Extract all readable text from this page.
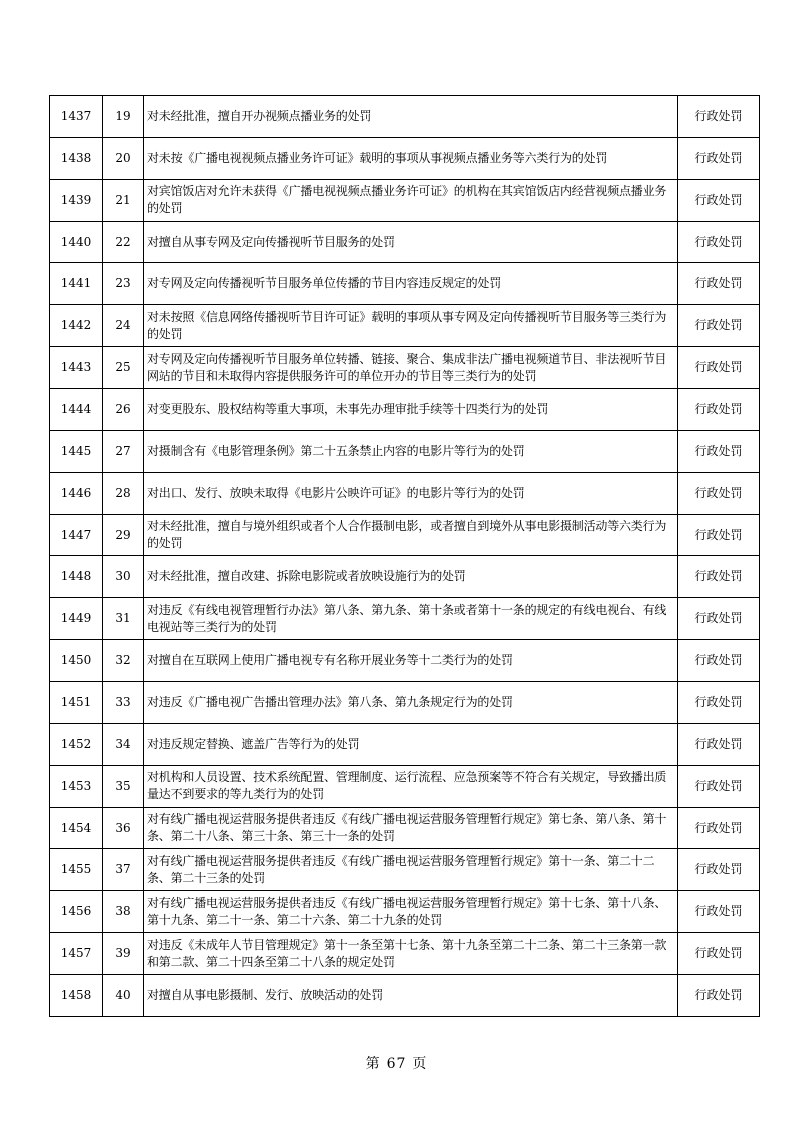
1437	19	对未经批准，擅自开办视频点播业务的处罚	行政处罚
1438	20	对未按《广播电视视频点播业务许可证》载明的事项从事视频点播业务等六类行为的处罚	行政处罚
1439	21	对宾馆饭店对允许未获得《广播电视视频点播业务许可证》的机构在其宾馆饭店内经营视频点播业务的处罚	行政处罚
1440	22	对擅自从事专网及定向传播视听节目服务的处罚	行政处罚
1441	23	对专网及定向传播视听节目服务单位传播的节目内容违反规定的处罚	行政处罚
1442	24	对未按照《信息网络传播视听节目许可证》载明的事项从事专网及定向传播视听节目服务等三类行为的处罚	行政处罚
1443	25	对专网及定向传播视听节目服务单位转播、链接、聚合、集成非法广播电视频道节目、非法视听节目网站的节目和未取得内容提供服务许可的单位开办的节目等三类行为的处罚	行政处罚
1444	26	对变更股东、股权结构等重大事项，未事先办理审批手续等十四类行为的处罚	行政处罚
1445	27	对摄制含有《电影管理条例》第二十五条禁止内容的电影片等行为的处罚	行政处罚
1446	28	对出口、发行、放映未取得《电影片公映许可证》的电影片等行为的处罚	行政处罚
1447	29	对未经批准，擅自与境外组织或者个人合作摄制电影，或者擅自到境外从事电影摄制活动等六类行为的处罚	行政处罚
1448	30	对未经批准，擅自改建、拆除电影院或者放映设施行为的处罚	行政处罚
1449	31	对违反《有线电视管理暂行办法》第八条、第九条、第十条或者第十一条的规定的有线电视台、有线电视站等三类行为的处罚	行政处罚
1450	32	对擅自在互联网上使用广播电视专有名称开展业务等十二类行为的处罚	行政处罚
1451	33	对违反《广播电视广告播出管理办法》第八条、第九条规定行为的处罚	行政处罚
1452	34	对违反规定替换、遮盖广告等行为的处罚	行政处罚
1453	35	对机构和人员设置、技术系统配置、管理制度、运行流程、应急预案等不符合有关规定，导致播出质量达不到要求的等九类行为的处罚	行政处罚
1454	36	对有线广播电视运营服务提供者违反《有线广播电视运营服务管理暂行规定》第七条、第八条、第十条、第二十八条、第三十条、第三十一条的处罚	行政处罚
1455	37	对有线广播电视运营服务提供者违反《有线广播电视运营服务管理暂行规定》第十一条、第二十二条、第二十三条的处罚	行政处罚
1456	38	对有线广播电视运营服务提供者违反《有线广播电视运营服务管理暂行规定》第十七条、第十八条、第十九条、第二十一条、第二十六条、第二十九条的处罚	行政处罚
1457	39	对违反《未成年人节目管理规定》第十一条至第十七条、第十九条至第二十二条、第二十三条第一款和第二款、第二十四条至第二十八条的规定处罚	行政处罚
1458	40	对擅自从事电影摄制、发行、放映活动的处罚	行政处罚
第 67 页
